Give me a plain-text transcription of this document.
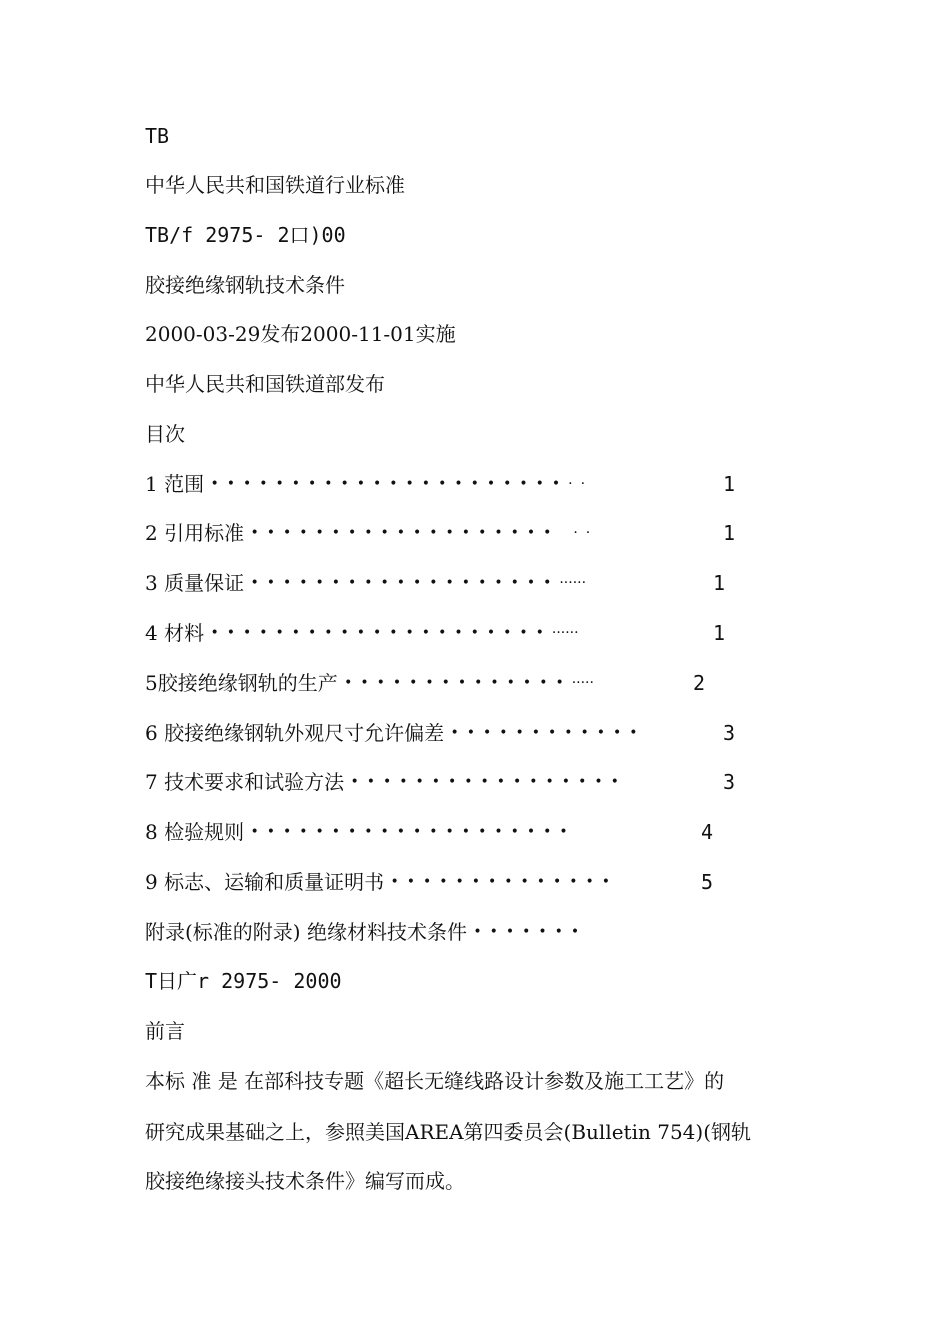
TB
中华人民共和国铁道行业标准
TB/f 2975- 2口)00
胶接绝缘钢轨技术条件
2000-03-29发布2000-11-01实施
中华人民共和国铁道部发布
目次
1 范围 ••••••••••••••••••••••··	1
2 引用标准 ••••••••••••••••••• ··	1
3 质量保证 •••••••••••••••••••······	1
4 材料 •••••••••••••••••••••······	1
5胶接绝缘钢轨的生产 ••••••••••••••·····	2
6 胶接绝缘钢轨外观尺寸允许偏差 ••••••••••••	3
7 技术要求和试验方法 •••••••••••••••••	3
8 检验规则 ••••••••••••••••••••	4
9 标志、运输和质量证明书 ••••••••••••••	5
附录(标准的附录) 绝缘材料技术条件 •••••••
T日广r 2975- 2000
前言
本标 准 是 在部科技专题《超长无缝线路设计参数及施工工艺》的
研究成果基础之上，参照美国AREA第四委员会(Bulletin 754)(钢轨
胶接绝缘接头技术条件》编写而成。
